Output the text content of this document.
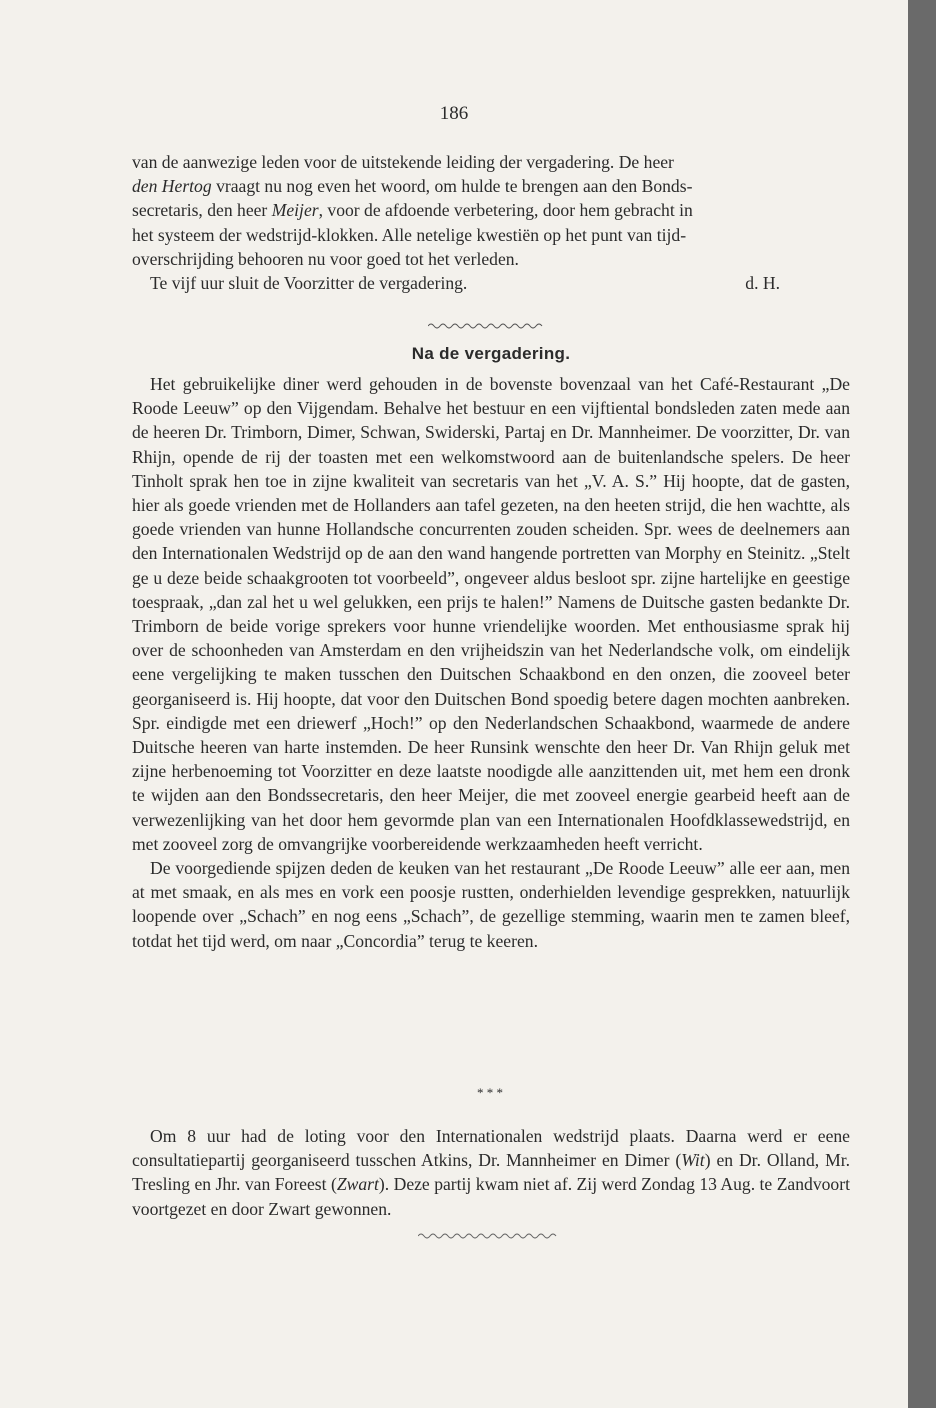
186

van de aanwezige leden voor de uitstekende leiding der vergadering. De heer

den Hertog vraagt nu nog even het woord, om hulde te brengen aan den Bonds-

secretaris, den heer Meijer, voor de afdoende verbetering, door hem gebracht in

het systeem der wedstrijd-klokken. Alle netelige kwestiën op het punt van tijd-

overschrijding behooren nu voor goed tot het verleden.

Te vijf uur sluit de Voorzitter de vergadering.	d. H.
Na de vergadering.

Het gebruikelijke diner werd gehouden in de bovenste bovenzaal van het Café-Restaurant „De Roode Leeuw” op den Vijgendam. Behalve het bestuur en een vijftiental bondsleden zaten mede aan de heeren Dr. Trimborn, Dimer, Schwan, Swiderski, Partaj en Dr. Mannheimer. De voorzitter, Dr. van Rhijn, opende de rij der toasten met een welkomstwoord aan de buitenlandsche spelers. De heer Tinholt sprak hen toe in zijne kwaliteit van secretaris van het „V. A. S.” Hij hoopte, dat de gasten, hier als goede vrienden met de Hollanders aan tafel gezeten, na den heeten strijd, die hen wachtte, als goede vrienden van hunne Hollandsche concurrenten zouden scheiden. Spr. wees de deelnemers aan den Internationalen Wedstrijd op de aan den wand hangende portretten van Morphy en Steinitz. „Stelt ge u deze beide schaakgrooten tot voorbeeld”, ongeveer aldus besloot spr. zijne hartelijke en geestige toespraak, „dan zal het u wel gelukken, een prijs te halen!” Namens de Duitsche gasten bedankte Dr. Trimborn de beide vorige sprekers voor hunne vriendelijke woorden. Met enthousiasme sprak hij over de schoonheden van Amsterdam en den vrijheidszin van het Nederlandsche volk, om eindelijk eene vergelijking te maken tusschen den Duitschen Schaakbond en den onzen, die zooveel beter georganiseerd is. Hij hoopte, dat voor den Duitschen Bond spoedig betere dagen mochten aanbreken. Spr. eindigde met een driewerf „Hoch!” op den Nederlandschen Schaakbond, waarmede de andere Duitsche heeren van harte instemden. De heer Runsink wenschte den heer Dr. Van Rhijn geluk met zijne herbenoeming tot Voorzitter en deze laatste noodigde alle aanzittenden uit, met hem een dronk te wijden aan den Bondssecretaris, den heer Meijer, die met zooveel energie gearbeid heeft aan de verwezenlijking van het door hem gevormde plan van een Internationalen Hoofdklassewedstrijd, en met zooveel zorg de omvangrijke voorbereidende werkzaamheden heeft verricht.

De voorgediende spijzen deden de keuken van het restaurant „De Roode Leeuw” alle eer aan, men at met smaak, en als mes en vork een poosje rustten, onderhielden levendige gesprekken, natuurlijk loopende over „Schach” en nog eens „Schach”, de gezellige stemming, waarin men te zamen bleef, totdat het tijd werd, om naar „Concordia” terug te keeren.

* * *

Om 8 uur had de loting voor den Internationalen wedstrijd plaats. Daarna werd er eene consultatiepartij georganiseerd tusschen Atkins, Dr. Mannheimer en Dimer (Wit) en Dr. Olland, Mr. Tresling en Jhr. van Foreest (Zwart). Deze partij kwam niet af. Zij werd Zondag 13 Aug. te Zandvoort voortgezet en door Zwart gewonnen.
